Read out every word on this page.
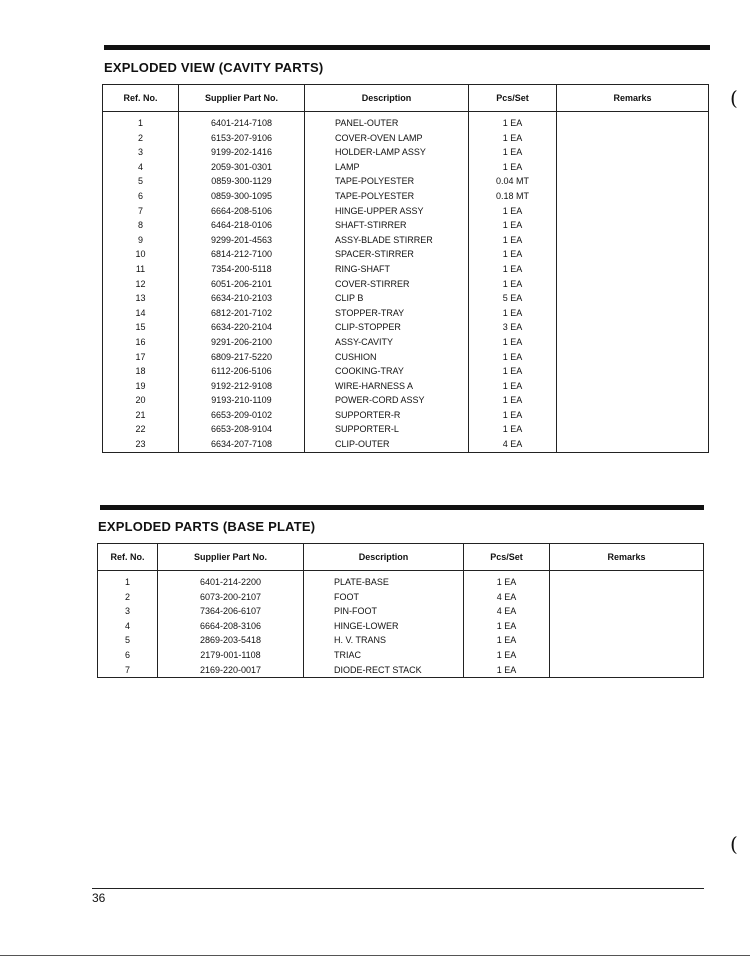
EXPLODED VIEW (CAVITY PARTS)
Ref. No.	Supplier Part No.	Description	Pcs/Set	Remarks
1	6401-214-7108	PANEL-OUTER	1 EA	
2	6153-207-9106	COVER-OVEN LAMP	1 EA	
3	9199-202-1416	HOLDER-LAMP ASSY	1 EA	
4	2059-301-0301	LAMP	1 EA	
5	0859-300-1129	TAPE-POLYESTER	0.04 MT	
6	0859-300-1095	TAPE-POLYESTER	0.18 MT	
7	6664-208-5106	HINGE-UPPER ASSY	1 EA	
8	6464-218-0106	SHAFT-STIRRER	1 EA	
9	9299-201-4563	ASSY-BLADE STIRRER	1 EA	
10	6814-212-7100	SPACER-STIRRER	1 EA	
11	7354-200-5118	RING-SHAFT	1 EA	
12	6051-206-2101	COVER-STIRRER	1 EA	
13	6634-210-2103	CLIP B	5 EA	
14	6812-201-7102	STOPPER-TRAY	1 EA	
15	6634-220-2104	CLIP-STOPPER	3 EA	
16	9291-206-2100	ASSY-CAVITY	1 EA	
17	6809-217-5220	CUSHION	1 EA	
18	6112-206-5106	COOKING-TRAY	1 EA	
19	9192-212-9108	WIRE-HARNESS A	1 EA	
20	9193-210-1109	POWER-CORD ASSY	1 EA	
21	6653-209-0102	SUPPORTER-R	1 EA	
22	6653-208-9104	SUPPORTER-L	1 EA	
23	6634-207-7108	CLIP-OUTER	4 EA	
EXPLODED PARTS (BASE PLATE)
Ref. No.	Supplier Part No.	Description	Pcs/Set	Remarks
1	6401-214-2200	PLATE-BASE	1 EA	
2	6073-200-2107	FOOT	4 EA	
3	7364-206-6107	PIN-FOOT	4 EA	
4	6664-208-3106	HINGE-LOWER	1 EA	
5	2869-203-5418	H. V. TRANS	1 EA	
6	2179-001-1108	TRIAC	1 EA	
7	2169-220-0017	DIODE-RECT STACK	1 EA	
36
(
(
